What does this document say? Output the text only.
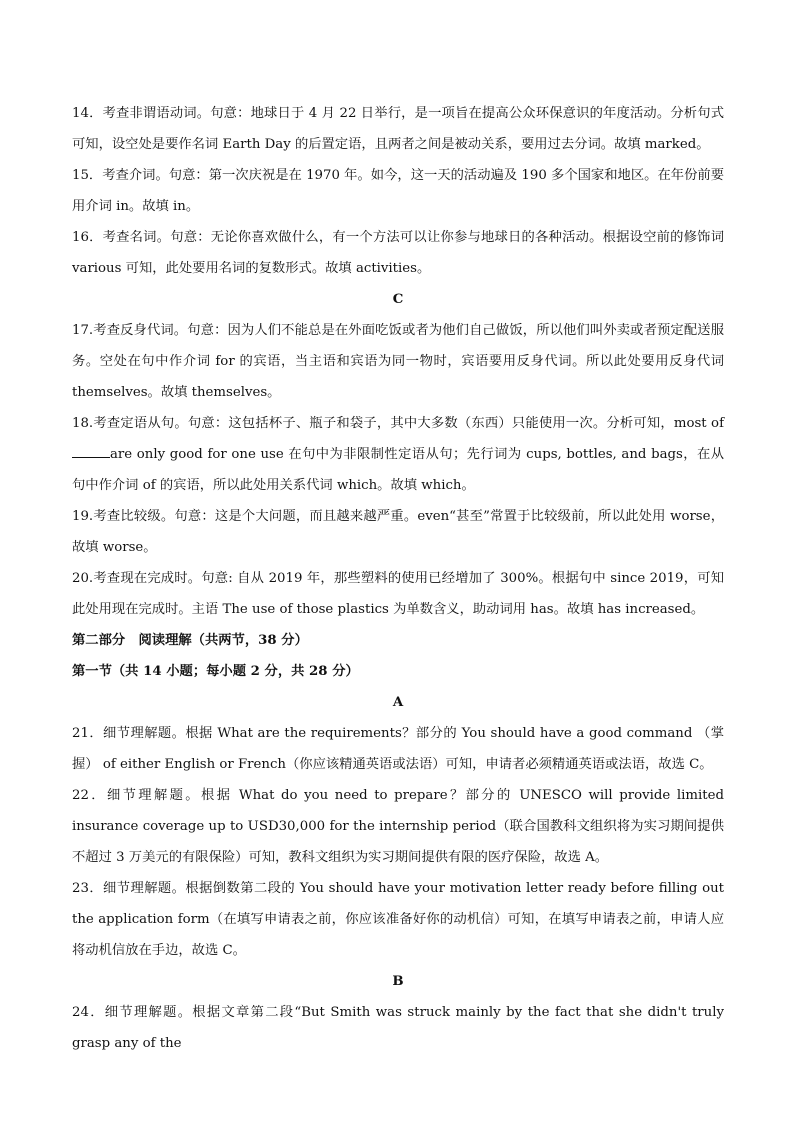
14．考查非谓语动词。句意：地球日于 4 月 22 日举行，是一项旨在提高公众环保意识的年度活动。分析句式可知，设空处是要作名词 Earth Day 的后置定语，且两者之间是被动关系，要用过去分词。故填 marked。

15．考查介词。句意：第一次庆祝是在 1970 年。如今，这一天的活动遍及 190 多个国家和地区。在年份前要用介词 in。故填 in。

16．考查名词。句意：无论你喜欢做什么，有一个方法可以让你参与地球日的各种活动。根据设空前的修饰词 various 可知，此处要用名词的复数形式。故填 activities。

C

17.考查反身代词。句意：因为人们不能总是在外面吃饭或者为他们自己做饭，所以他们叫外卖或者预定配送服务。空处在句中作介词 for 的宾语，当主语和宾语为同一物时，宾语要用反身代词。所以此处要用反身代词 themselves。故填 themselves。

18.考查定语从句。句意：这包括杯子、瓶子和袋子，其中大多数（东西）只能使用一次。分析可知，most of are only good for one use 在句中为非限制性定语从句；先行词为 cups, bottles, and bags，在从句中作介词 of 的宾语，所以此处用关系代词 which。故填 which。

19.考查比较级。句意：这是个大问题，而且越来越严重。even“甚至”常置于比较级前，所以此处用 worse，故填 worse。

20.考查现在完成时。句意: 自从 2019 年，那些塑料的使用已经增加了 300%。根据句中 since 2019，可知此处用现在完成时。主语 The use of those plastics 为单数含义，助动词用 has。故填 has increased。

第二部分　阅读理解（共两节，38 分）

第一节（共 14 小题；每小题 2 分，共 28 分）

A

21．细节理解题。根据 What are the requirements？部分的 You should have a good command （掌握） of either English or French（你应该精通英语或法语）可知，申请者必须精通英语或法语，故选 C。

22．细节理解题。根据 What do you need to prepare？部分的 UNESCO will provide limited insurance coverage up to USD30,000 for the internship period（联合国教科文组织将为实习期间提供不超过 3 万美元的有限保险）可知，教科文组织为实习期间提供有限的医疗保险，故选 A。

23．细节理解题。根据倒数第二段的 You should have your motivation letter ready before filling out the application form（在填写申请表之前，你应该准备好你的动机信）可知，在填写申请表之前，申请人应将动机信放在手边，故选 C。

B

24．细节理解题。根据文章第二段“But Smith was struck mainly by the fact that she didn't truly grasp any of the
